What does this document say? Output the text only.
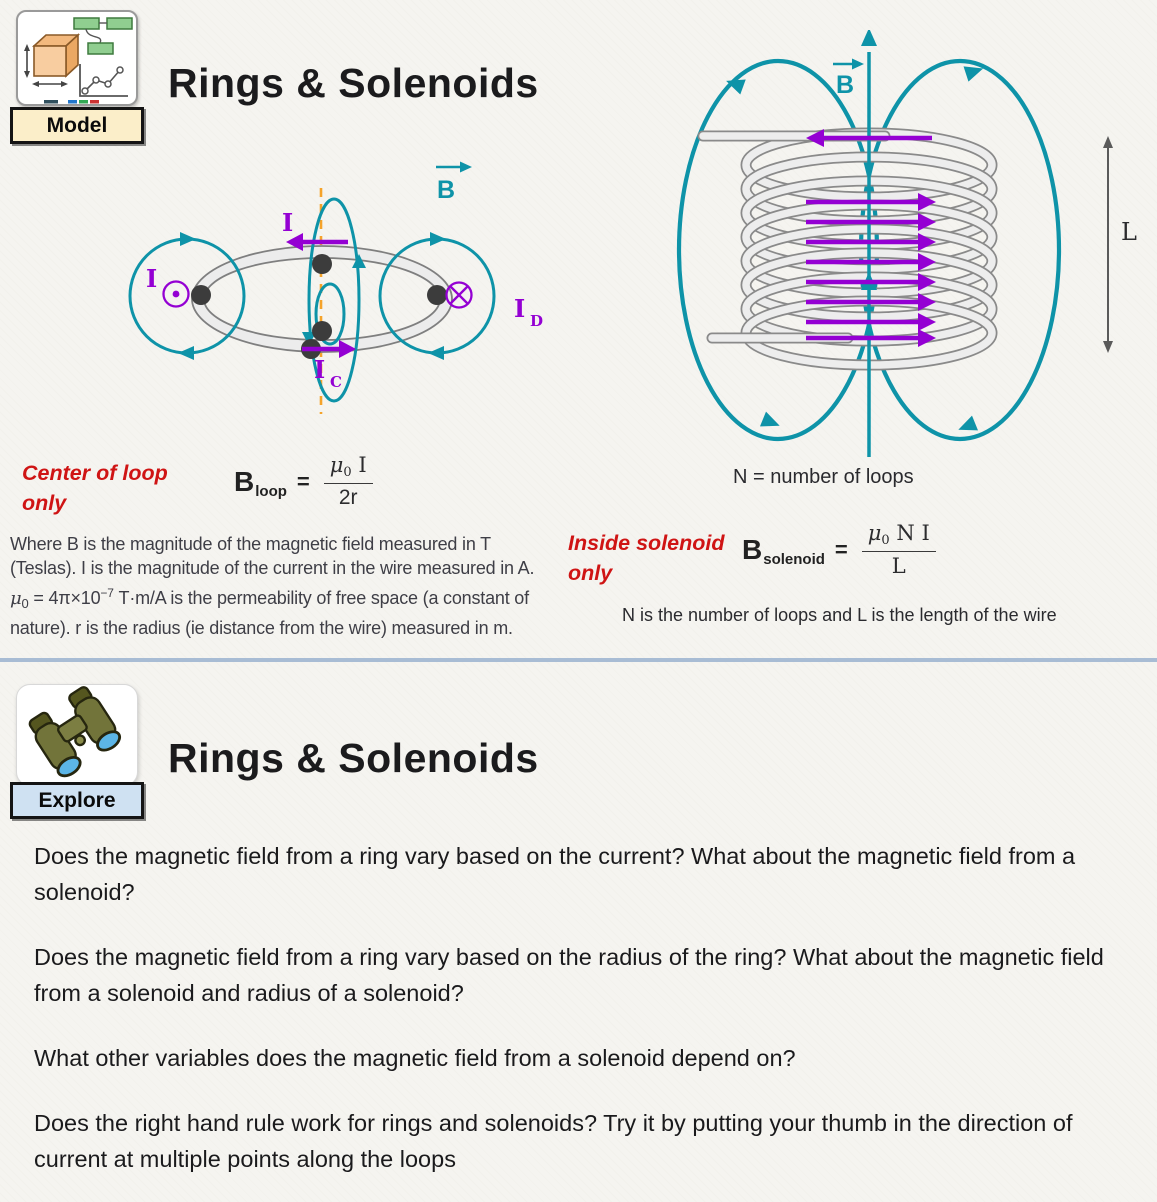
Model
Rings & Solenoids
I
I
I D
I C
B
L
B
Center of loop only
B loop = $\frac{\mu 0 I}{2r}$
Where B is the magnitude of the magnetic field measured in T (Teslas). I is the magnitude of the current in the wire measured in A. $\mu_0 = 4\pi\times 10^{-7}$ T·m/A is the permeability of free space (a constant of nature). r is the radius (ie distance from the wire) measured in m.
N = number of loops
Inside solenoid only
B solenoid = $\frac{\text{μ0 N I}}{L}$
N is the number of loops and L is the length of the wire
Explore
Rings & Solenoids

Does the magnetic field from a ring vary based on the current? What about the magnetic field from a solenoid?

Does the magnetic field from a ring vary based on the radius of the ring? What about the magnetic field from a solenoid and radius of a solenoid?

What other variables does the magnetic field from a solenoid depend on?

Does the right hand rule work for rings and solenoids? Try it by putting your thumb in the direction of current at multiple points along the loops
